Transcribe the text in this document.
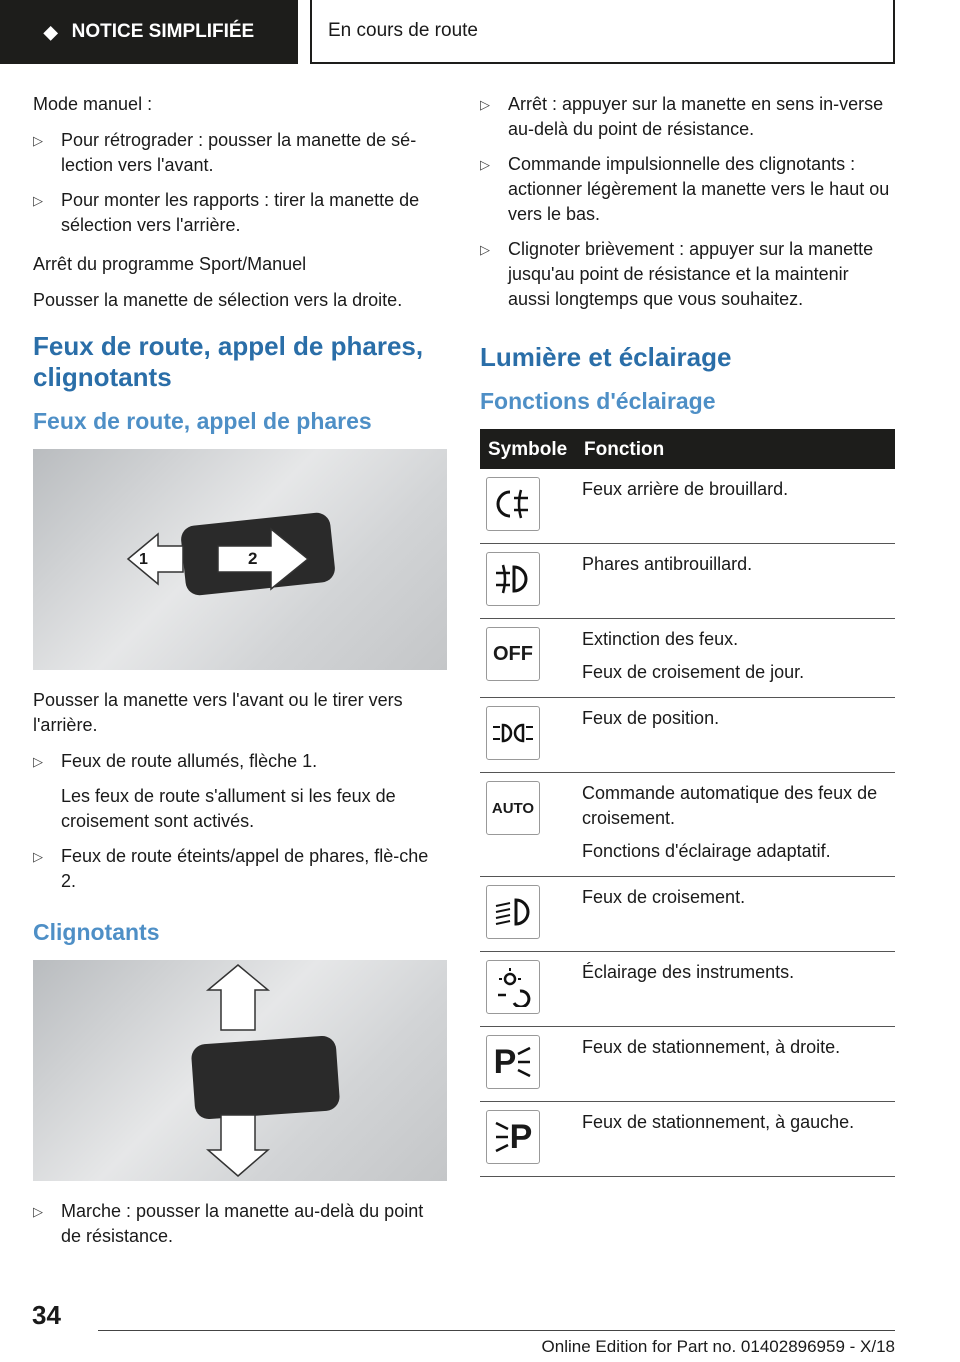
◆ NOTICE SIMPLIFIÉE	En cours de route

Mode manuel :

▷ Pour rétrograder : pousser la manette de sé-lection vers l'avant.
▷ Pour monter les rapports : tirer la manette de sélection vers l'arrière.

Arrêt du programme Sport/Manuel

Pousser la manette de sélection vers la droite.

Feux de route, appel de phares, clignotants
Feux de route, appel de phares
1	2

Pousser la manette vers l'avant ou le tirer vers l'arrière.

▷ Feux de route allumés, flèche 1.
Les feux de route s'allument si les feux de croisement sont activés.
▷ Feux de route éteints/appel de phares, flè-che 2.
Clignotants
▷ Marche : pousser la manette au-delà du point de résistance.
▷ Arrêt : appuyer sur la manette en sens in-verse au-delà du point de résistance.
▷ Commande impulsionnelle des clignotants : actionner légèrement la manette vers le haut ou vers le bas.
▷ Clignoter brièvement : appuyer sur la manette jusqu'au point de résistance et la maintenir aussi longtemps que vous souhaitez.
Lumière et éclairage
Fonctions d'éclairage
Symbole	Fonction

Feux arrière de brouillard.

Phares antibrouillard.

OFF	Extinction des feux.
Feux de croisement de jour.

Feux de position.

AUTO	Commande automatique des feux de croisement.
Fonctions d'éclairage adaptatif.

Feux de croisement.

Éclairage des instruments.

P	Feux de stationnement, à droite.

P	Feux de stationnement, à gauche.
34
Online Edition for Part no. 01402896959 - X/18
